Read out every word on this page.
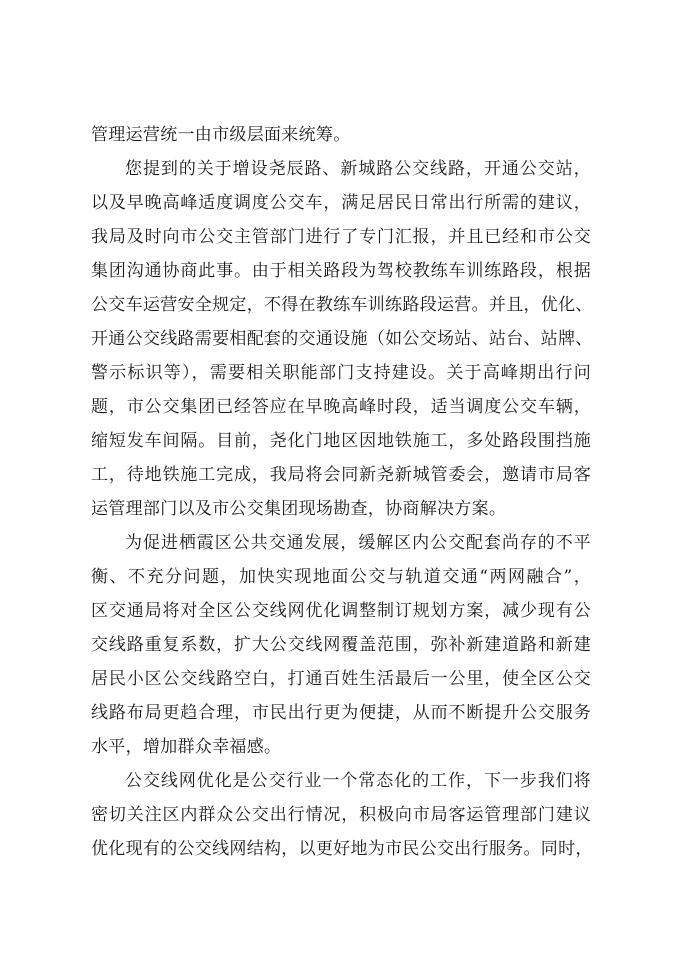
管理运营统一由市级层面来统筹。
您提到的关于增设尧辰路、新城路公交线路，开通公交站，
以及早晚高峰适度调度公交车，满足居民日常出行所需的建议，
我局及时向市公交主管部门进行了专门汇报，并且已经和市公交
集团沟通协商此事。由于相关路段为驾校教练车训练路段，根据
公交车运营安全规定，不得在教练车训练路段运营。并且，优化、
开通公交线路需要相配套的交通设施（如公交场站、站台、站牌、
警示标识等），需要相关职能部门支持建设。关于高峰期出行问
题，市公交集团已经答应在早晚高峰时段，适当调度公交车辆，
缩短发车间隔。目前，尧化门地区因地铁施工，多处路段围挡施
工，待地铁施工完成，我局将会同新尧新城管委会，邀请市局客
运管理部门以及市公交集团现场勘查，协商解决方案。
为促进栖霞区公共交通发展，缓解区内公交配套尚存的不平
衡、不充分问题，加快实现地面公交与轨道交通“两网融合”，
区交通局将对全区公交线网优化调整制订规划方案，减少现有公
交线路重复系数，扩大公交线网覆盖范围，弥补新建道路和新建
居民小区公交线路空白，打通百姓生活最后一公里，使全区公交
线路布局更趋合理，市民出行更为便捷，从而不断提升公交服务
水平，增加群众幸福感。
公交线网优化是公交行业一个常态化的工作，下一步我们将
密切关注区内群众公交出行情况，积极向市局客运管理部门建议
优化现有的公交线网结构，以更好地为市民公交出行服务。同时，
